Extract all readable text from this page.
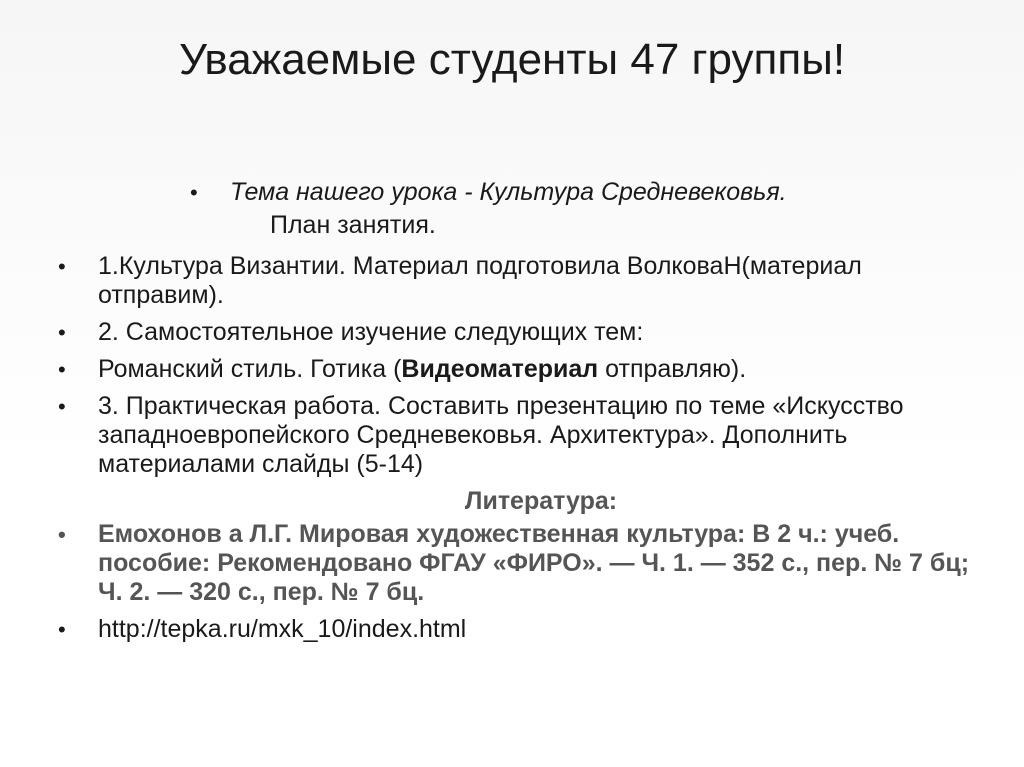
Уважаемые студенты 47 группы!
• Тема нашего урока - Культура Средневековья.
План занятия.
• 1.Культура Византии. Материал подготовила ВолковаН(материал отправим).
• 2. Самостоятельное изучение следующих тем:
• Романский стиль. Готика (Видеоматериал отправляю).
• 3. Практическая работа. Составить презентацию по теме «Искусство западноевропейского Средневековья. Архитектура». Дополнить материалами слайды (5-14)
Литература:
• Емохонов а Л.Г. Мировая художественная культура: В 2 ч.: учеб. пособие: Рекомендовано ФГАУ «ФИРО». — Ч. 1. — 352 с., пер. № 7 бц; Ч. 2. — 320 с., пер. № 7 бц.
• http://tepka.ru/mxk_10/index.html
